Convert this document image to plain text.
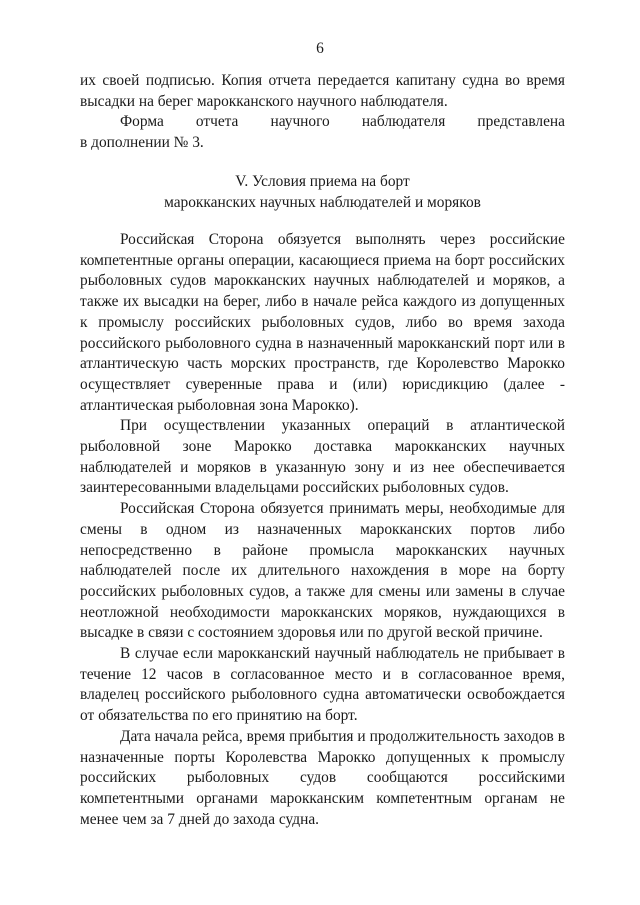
6

их своей подписью. Копия отчета передается капитану судна во время высадки на берег марокканского научного наблюдателя.

Форма отчета научного наблюдателя представлена

в дополнении № 3.

V. Условия приема на борт
марокканских научных наблюдателей и моряков

Российская Сторона обязуется выполнять через российские компетентные органы операции, касающиеся приема на борт российских рыболовных судов марокканских научных наблюдателей и моряков, а также их высадки на берег, либо в начале рейса каждого из допущенных к промыслу российских рыболовных судов, либо во время захода российского рыболовного судна в назначенный марокканский порт или в атлантическую часть морских пространств, где Королевство Марокко осуществляет суверенные права и (или) юрисдикцию (далее - атлантическая рыболовная зона Марокко).

При осуществлении указанных операций в атлантической рыболовной зоне Марокко доставка марокканских научных наблюдателей и моряков в указанную зону и из нее обеспечивается заинтересованными владельцами российских рыболовных судов.

Российская Сторона обязуется принимать меры, необходимые для смены в одном из назначенных марокканских портов либо непосредственно в районе промысла марокканских научных наблюдателей после их длительного нахождения в море на борту российских рыболовных судов, а также для смены или замены в случае неотложной необходимости марокканских моряков, нуждающихся в высадке в связи с состоянием здоровья или по другой веской причине.

В случае если марокканский научный наблюдатель не прибывает в течение 12 часов в согласованное место и в согласованное время, владелец российского рыболовного судна автоматически освобождается от обязательства по его принятию на борт.

Дата начала рейса, время прибытия и продолжительность заходов в назначенные порты Королевства Марокко допущенных к промыслу российских рыболовных судов сообщаются российскими компетентными органами марокканским компетентным органам не менее чем за 7 дней до захода судна.
